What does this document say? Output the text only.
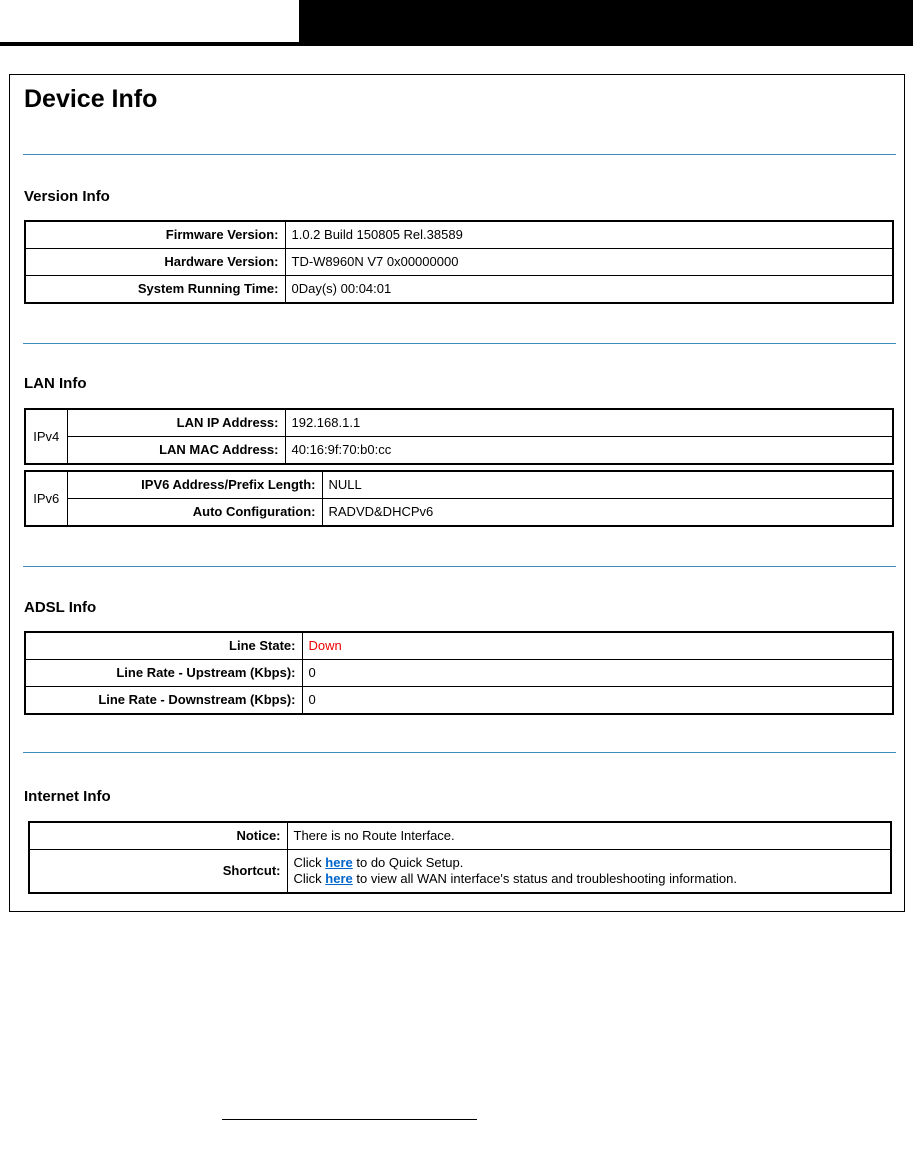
Device Info
Version Info
Firmware Version:	1.0.2 Build 150805 Rel.38589
Hardware Version:	TD-W8960N V7 0x00000000
System Running Time:	0Day(s) 00:04:01
LAN Info
IPv4	LAN IP Address:	192.168.1.1
	LAN MAC Address:	40:16:9f:70:b0:cc
IPv6	IPV6 Address/Prefix Length:	NULL
	Auto Configuration:	RADVD&DHCPv6
ADSL Info
Line State:	Down
Line Rate - Upstream (Kbps):	0
Line Rate - Downstream (Kbps):	0
Internet Info
Notice:	There is no Route Interface.
Shortcut:	Click here to do Quick Setup.
Click here to view all WAN interface's status and troubleshooting information.
